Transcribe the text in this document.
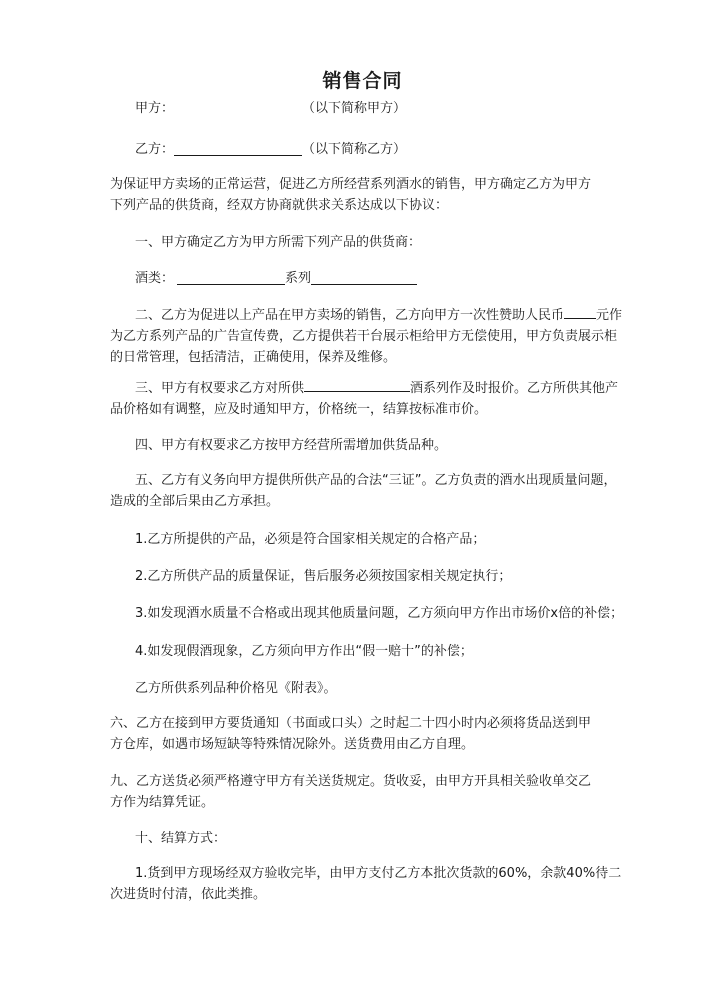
销售合同
甲方：	（以下简称甲方）
乙方：	（以下简称乙方）
为保证甲方卖场的正常运营，促进乙方所经营系列酒水的销售，甲方确定乙方为甲方
下列产品的供货商，经双方协商就供求关系达成以下协议：
一、甲方确定乙方为甲方所需下列产品的供货商：
酒类：	系列
二、乙方为促进以上产品在甲方卖场的销售，乙方向甲方一次性赞助人民币 元作
为乙方系列产品的广告宣传费，乙方提供若干台展示柜给甲方无偿使用，甲方负责展示柜
的日常管理，包括清洁，正确使用，保养及维修。
三、甲方有权要求乙方对所供	酒系列作及时报价。乙方所供其他产
品价格如有调整，应及时通知甲方，价格统一，结算按标准市价。
四、甲方有权要求乙方按甲方经营所需增加供货品种。
五、乙方有义务向甲方提供所供产品的合法“三证”。乙方负责的酒水出现质量问题，
造成的全部后果由乙方承担。
1.乙方所提供的产品，必须是符合国家相关规定的合格产品；
2.乙方所供产品的质量保证，售后服务必须按国家相关规定执行；
3.如发现酒水质量不合格或出现其他质量问题，乙方须向甲方作出市场价x倍的补偿；
4.如发现假酒现象，乙方须向甲方作出“假一赔十”的补偿；
乙方所供系列品种价格见《附表》。
六、乙方在接到甲方要货通知（书面或口头）之时起二十四小时内必须将货品送到甲
方仓库，如遇市场短缺等特殊情况除外。送货费用由乙方自理。
九、乙方送货必须严格遵守甲方有关送货规定。货收妥，由甲方开具相关验收单交乙
方作为结算凭证。
十、结算方式：
1.货到甲方现场经双方验收完毕，由甲方支付乙方本批次货款的60%，余款40%待二
次进货时付清，依此类推。
